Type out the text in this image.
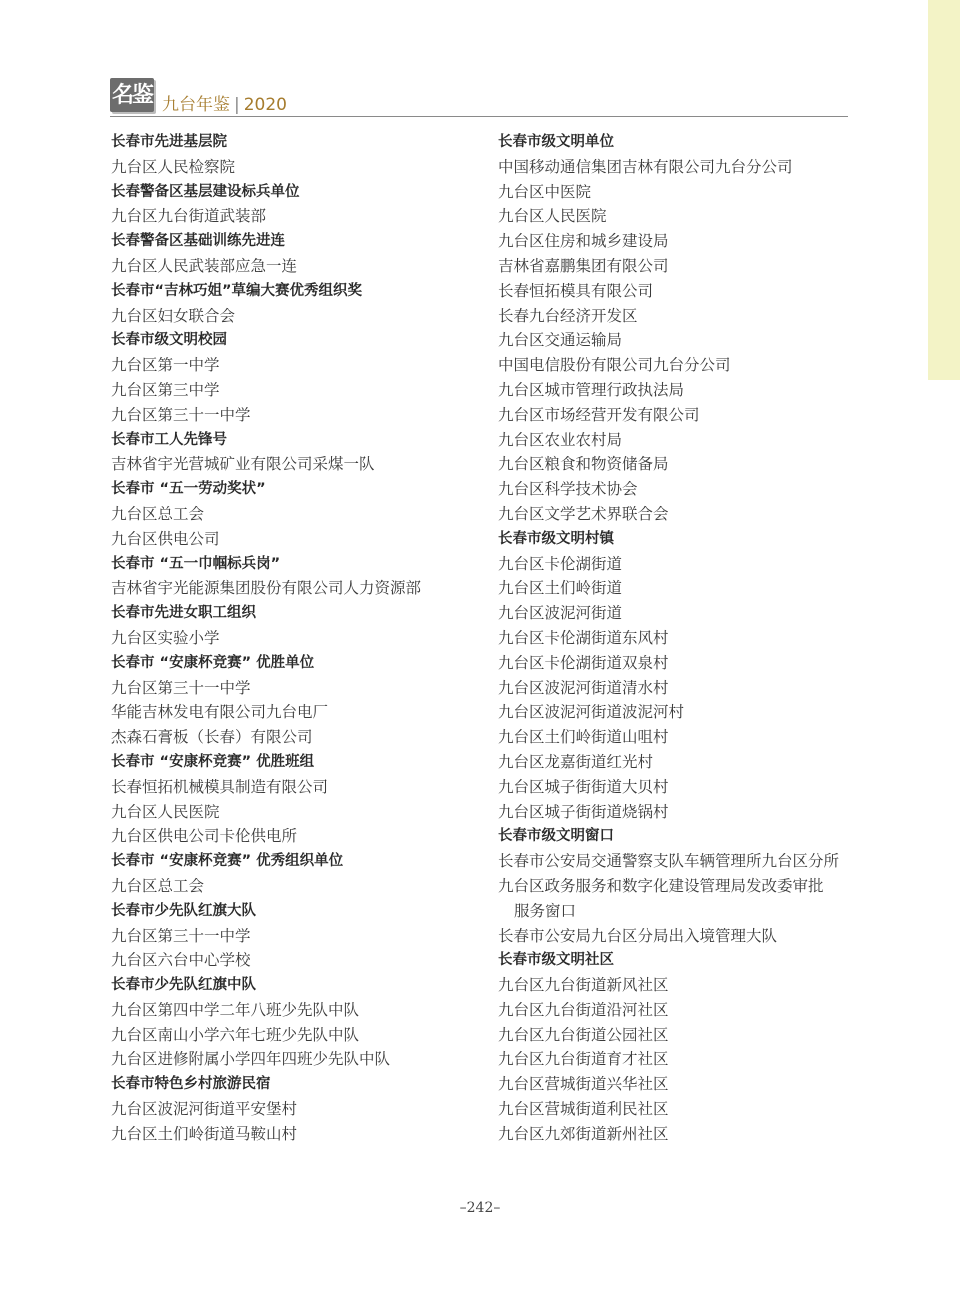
名鉴 九台年鉴 | 2020
长春市先进基层院
九台区人民检察院
长春警备区基层建设标兵单位
九台区九台街道武装部
长春警备区基础训练先进连
九台区人民武装部应急一连
长春市“吉林巧姐”草编大赛优秀组织奖
九台区妇女联合会
长春市级文明校园
九台区第一中学
九台区第三中学
九台区第三十一中学
长春市工人先锋号
吉林省宇光营城矿业有限公司采煤一队
长春市 “五一劳动奖状”
九台区总工会
九台区供电公司
长春市 “五一巾帼标兵岗”
吉林省宇光能源集团股份有限公司人力资源部
长春市先进女职工组织
九台区实验小学
长春市 “安康杯竞赛” 优胜单位
九台区第三十一中学
华能吉林发电有限公司九台电厂
杰森石膏板（长春）有限公司
长春市 “安康杯竞赛” 优胜班组
长春恒拓机械模具制造有限公司
九台区人民医院
九台区供电公司卡伦供电所
长春市 “安康杯竞赛” 优秀组织单位
九台区总工会
长春市少先队红旗大队
九台区第三十一中学
九台区六台中心学校
长春市少先队红旗中队
九台区第四中学二年八班少先队中队
九台区南山小学六年七班少先队中队
九台区进修附属小学四年四班少先队中队
长春市特色乡村旅游民宿
九台区波泥河街道平安堡村
九台区土们岭街道马鞍山村
长春市级文明单位
中国移动通信集团吉林有限公司九台分公司
九台区中医院
九台区人民医院
九台区住房和城乡建设局
吉林省嘉鹏集团有限公司
长春恒拓模具有限公司
长春九台经济开发区
九台区交通运输局
中国电信股份有限公司九台分公司
九台区城市管理行政执法局
九台区市场经营开发有限公司
九台区农业农村局
九台区粮食和物资储备局
九台区科学技术协会
九台区文学艺术界联合会
长春市级文明村镇
九台区卡伦湖街道
九台区土们岭街道
九台区波泥河街道
九台区卡伦湖街道东风村
九台区卡伦湖街道双泉村
九台区波泥河街道清水村
九台区波泥河街道波泥河村
九台区土们岭街道山咀村
九台区龙嘉街道红光村
九台区城子街街道大贝村
九台区城子街街道烧锅村
长春市级文明窗口
长春市公安局交通警察支队车辆管理所九台区分所
九台区政务服务和数字化建设管理局发改委审批
服务窗口
长春市公安局九台区分局出入境管理大队
长春市级文明社区
九台区九台街道新风社区
九台区九台街道沿河社区
九台区九台街道公园社区
九台区九台街道育才社区
九台区营城街道兴华社区
九台区营城街道利民社区
九台区九郊街道新州社区
–242–
